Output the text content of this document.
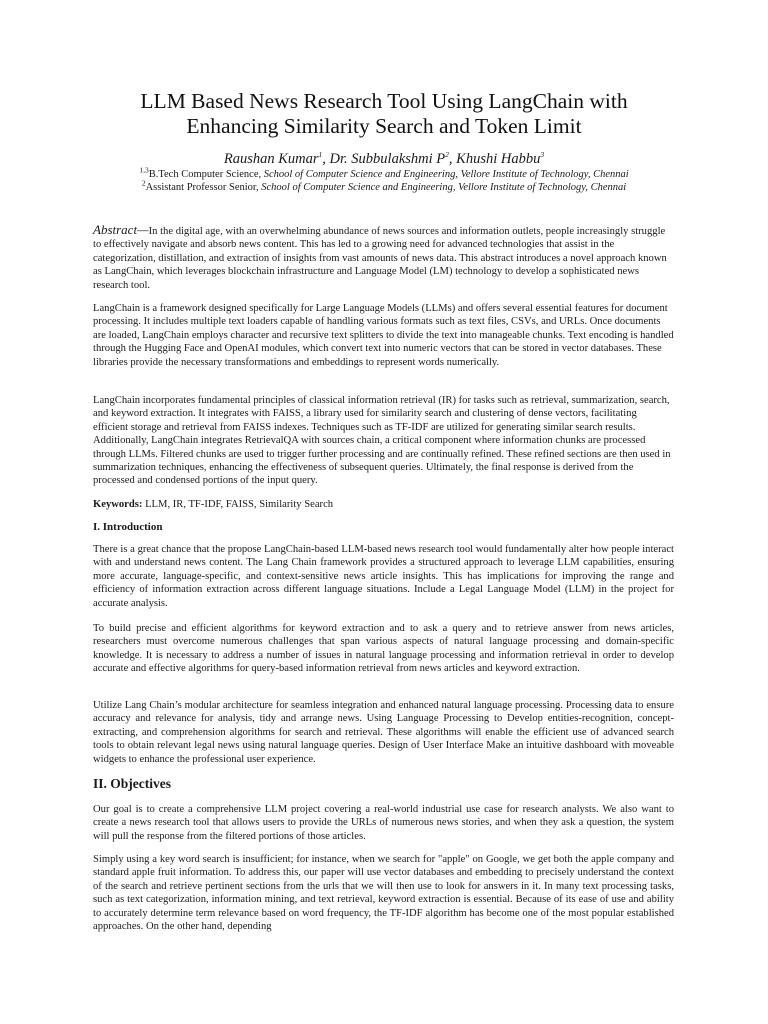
LLM Based News Research Tool Using LangChain with
Enhancing Similarity Search and Token Limit
Raushan Kumar$^1$, Dr. Subbulakshmi $P^2$, Khushi Habbu$^3$
$^{1,3}$B.Tech Computer Science, School of Computer Science and Engineering, Vellore Institute of Technology, Chennai
$^2$Assistant Professor Senior, School of Computer Science and Engineering, Vellore Institute of Technology, Chennai

Abstract—In the digital age, with an overwhelming abundance of news sources and information outlets, people increasingly struggle to effectively navigate and absorb news content. This has led to a growing need for advanced technologies that assist in the categorization, distillation, and extraction of insights from vast amounts of news data. This abstract introduces a novel approach known as LangChain, which leverages blockchain infrastructure and Language Model (LM) technology to develop a sophisticated news research tool.

LangChain is a framework designed specifically for Large Language Models (LLMs) and offers several essential features for document processing. It includes multiple text loaders capable of handling various formats such as text files, CSVs, and URLs. Once documents are loaded, LangChain employs character and recursive text splitters to divide the text into manageable chunks. Text encoding is handled through the Hugging Face and OpenAI modules, which convert text into numeric vectors that can be stored in vector databases. These libraries provide the necessary transformations and embeddings to represent words numerically.

LangChain incorporates fundamental principles of classical information retrieval (IR) for tasks such as retrieval, summarization, search, and keyword extraction. It integrates with FAISS, a library used for similarity search and clustering of dense vectors, facilitating efficient storage and retrieval from FAISS indexes. Techniques such as TF-IDF are utilized for generating similar search results. Additionally, LangChain integrates RetrievalQA with sources chain, a critical component where information chunks are processed through LLMs. Filtered chunks are used to trigger further processing and are continually refined. These refined sections are then used in summarization techniques, enhancing the effectiveness of subsequent queries. Ultimately, the final response is derived from the processed and condensed portions of the input query.

Keywords: LLM, IR, TF-IDF, FAISS, Similarity Search

I. Introduction

There is a great chance that the propose LangChain-based LLM-based news research tool would fundamentally alter how people interact with and understand news content. The Lang Chain framework provides a structured approach to leverage LLM capabilities, ensuring more accurate, language-specific, and context-sensitive news article insights. This has implications for improving the range and efficiency of information extraction across different language situations. Include a Legal Language Model (LLM) in the project for accurate analysis.

To build precise and efficient algorithms for keyword extraction and to ask a query and to retrieve answer from news articles, researchers must overcome numerous challenges that span various aspects of natural language processing and domain-specific knowledge. It is necessary to address a number of issues in natural language processing and information retrieval in order to develop accurate and effective algorithms for query-based information retrieval from news articles and keyword extraction.

Utilize Lang Chain’s modular architecture for seamless integration and enhanced natural language processing. Processing data to ensure accuracy and relevance for analysis, tidy and arrange news. Using Language Processing to Develop entities-recognition, concept-extracting, and comprehension algorithms for search and retrieval. These algorithms will enable the efficient use of advanced search tools to obtain relevant legal news using natural language queries. Design of User Interface Make an intuitive dashboard with moveable widgets to enhance the professional user experience.

II. Objectives

Our goal is to create a comprehensive LLM project covering a real-world industrial use case for research analysts. We also want to create a news research tool that allows users to provide the URLs of numerous news stories, and when they ask a question, the system will pull the response from the filtered portions of those articles.

Simply using a key word search is insufficient; for instance, when we search for "apple" on Google, we get both the apple company and standard apple fruit information. To address this, our paper will use vector databases and embedding to precisely understand the context of the search and retrieve pertinent sections from the urls that we will then use to look for answers in it. In many text processing tasks, such as text categorization, information mining, and text retrieval, keyword extraction is essential. Because of its ease of use and ability to accurately determine term relevance based on word frequency, the TF-IDF algorithm has become one of the most popular established approaches. On the other hand, depending
